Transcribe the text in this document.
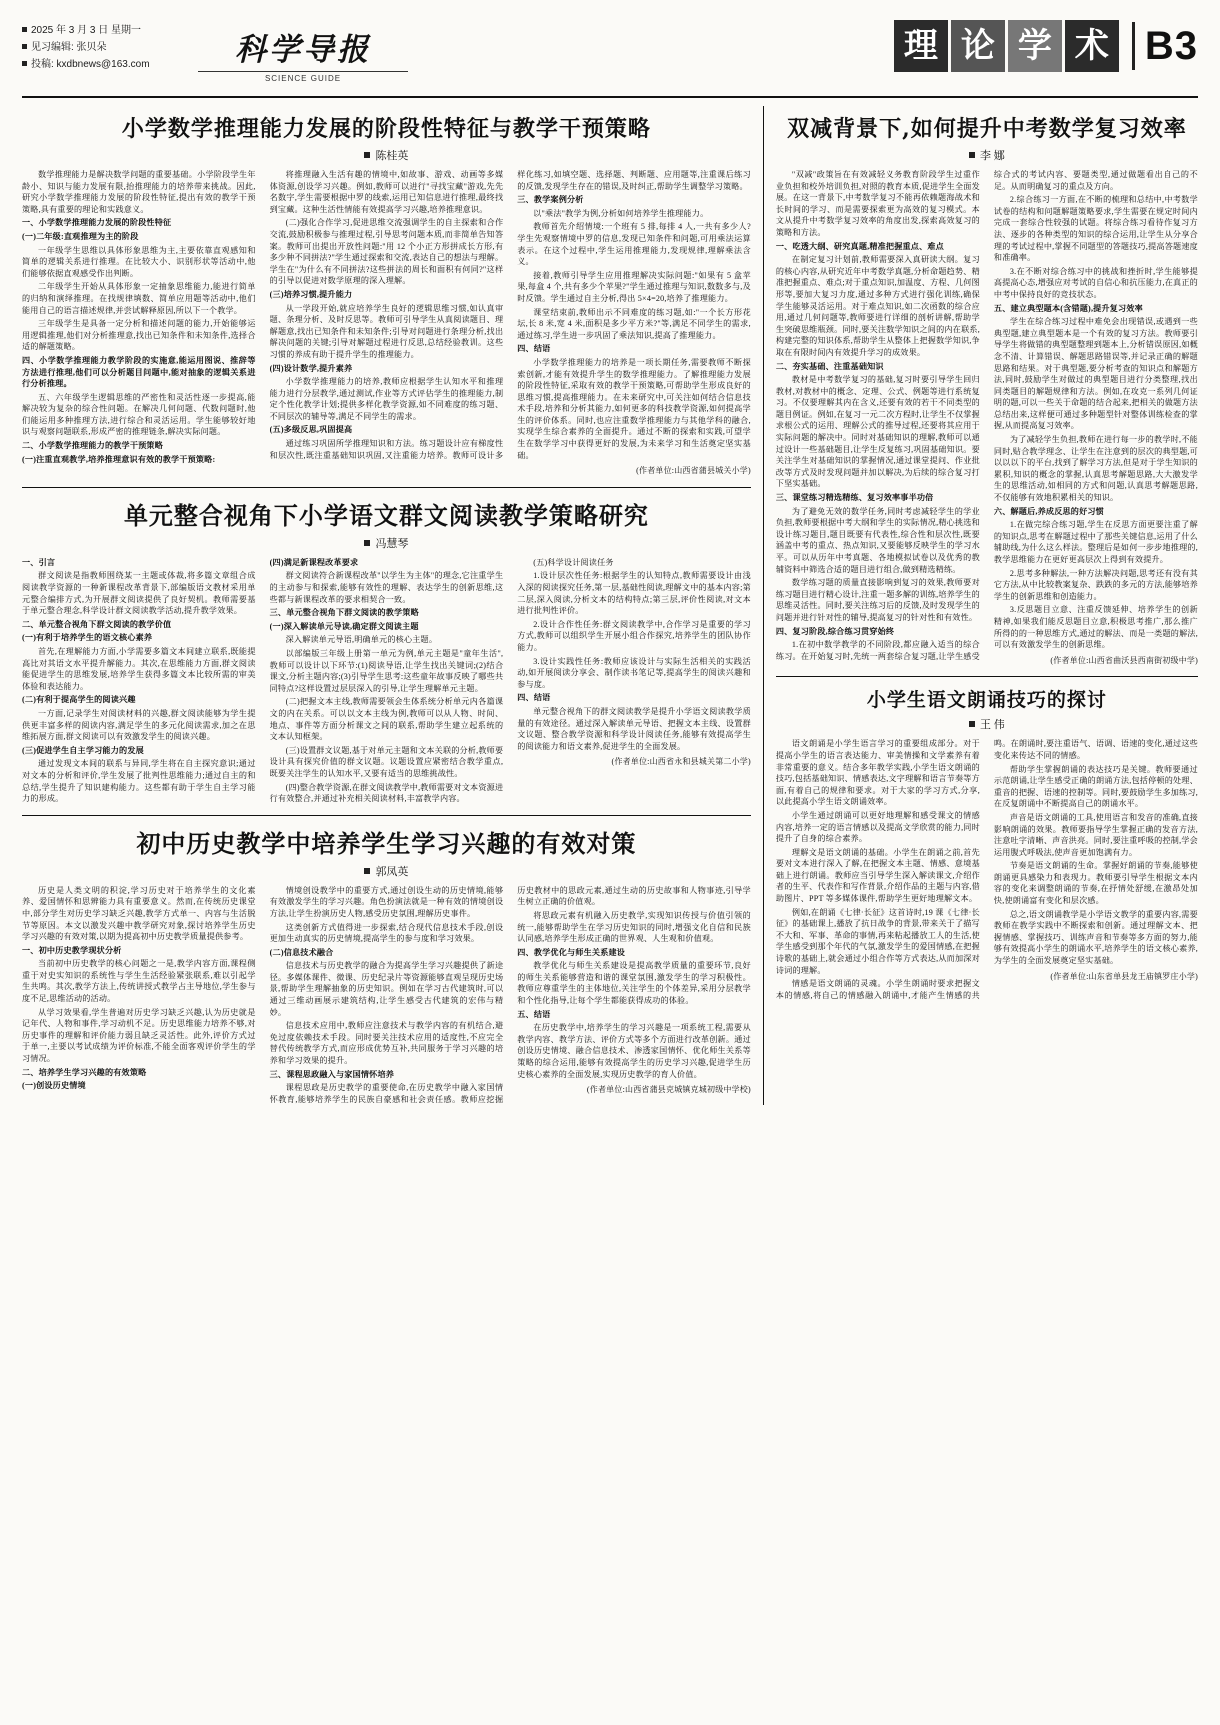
2025 年 3 月 3 日 星期一
见习编辑: 张贝朵
投稿: kxdbnews@163.com	科学导报
SCIENCE GUIDE
理 论 学 术 B3
小学数学推理能力发展的阶段性特征与教学干预策略
陈桂英

数学推理能力是解决数学问题的重要基础。小学阶段学生年龄小、知识与能力发展有限,抬推理能力的培养带来挑战。因此,研究小学数学推理能力发展的阶段性特征,提出有效的教学干预策略,具有重要的理论和实践意义。

一、小学数学推理能力发展的阶段性特征

(一)二年级:直观推理为主的阶段

一年级学生思维以具体形象思维为主,主要依靠直观感知和简单的逻辑关系进行推理。在比较大小、识别形状等活动中,他们能够依据直观感受作出判断。

二年级学生开始从具体形象一定抽象思维能力,能进行简单的归纳和演绎推理。在找规律填数、简单应用题等活动中,他们能用自己的语言描述规律,并尝试解释原因,所以下一个教学。

三年级学生是具备一定分析和描述问题的能力,开始能够运用逻辑推理,他们对分析推理意,找出已知条件和未知条件,选择合适的解题策略。

四、小学数学推理能力教学阶段的实施意,能运用图说、推辞等方法进行推理,他们可以分析题目问题中,能对抽象的逻辑关系进行分析推理。

五、六年级学生逻辑思维的严密性和灵活性逐一步提高,能解决较为复杂的综合性问题。在解决几何问题、代数问题时,他们能运用多种推理方法,进行综合和灵活运用。学生能够较好地识与观察问题联系,形成严密的推理链条,解决实际问题。

二、小学数学推理能力的教学干预策略

(一)注重直观教学,培养推理意识有效的教学干预策略:

将推理融入生活有趣的情境中,如故事、游戏、动画等多媒体资源,创设学习兴趣。例如,教师可以进行"寻找宝藏"游戏,先先名数字,学生需要根据中罗的线索,运用已知信息进行推理,最终找到宝藏。这种生活性情能有效提高学习兴趣,培养推理意识。

(二)强化合作学习,促进思维交流强调学生的自主探索和合作交流,鼓励积极参与推理过程,引导思考问题本质,而非简单告知答案。教师可出提出开放性问题:"用 12 个小正方形拼成长方形,有多少种不同拼法?"学生通过探索和交流,表达自己的想法与理解。学生在"为什么有不同拼法?这些拼法的周长和面积有何同?"这样的引导以促进对数学原理的深入理解。

(三)培养习惯,提升能力

从一学段开始,就应培养学生良好的逻辑思维习惯,如认真审题、条理分析、及时反思等。教师可引导学生从真阅读题目、理解题意,找出已知条件和未知条件;引导对问题进行条理分析,找出解决问题的关键;引导对解题过程进行反思,总结经验教训。这些习惯的养成有助于提升学生的推理能力。

(四)设计数学,提升素养

小学数学推理能力的培养,教师应根据学生认知水平和推理能力进行分层教学,通过测试,作业等方式评估学生的推理能力,制定个性化教学计划;提供多样化教学资源,如不同难度的练习题、不同层次的辅导等,满足不同学生的需求。

(五)多级反思,巩固提高

通过练习巩固所学推理知识和方法。练习题设计应有梯度性和层次性,既注重基础知识巩固,又注重能力培养。教师可设计多样化练习,如填空题、选择题、判断题、应用题等,注重课后练习的反馈,发现学生存在的错误,及时纠正,帮助学生调整学习策略。

三、教学案例分析

以"乘法"教学为例,分析如何培养学生推理能力。

教师首先介绍情境:一个班有 5 排,每排 4 人,一共有多少人?学生先观察情境中罗的信息,发现已知条件和问题,可用乘法运算表示。在这个过程中,学生运用推理能力,发现规律,理解乘法含义。

接着,教师引导学生应用推理解决实际问题:"如果有 5 盒苹果,每盒 4 个,共有多少个苹果?"学生通过推理与知识,数数多与,及时反馈。学生通过自主分析,得出 5×4=20,培养了推理能力。

课堂结束前,教师出示不同难度的练习题,如:"一个长方形花坛,长 8 米,宽 4 米,面积是多少平方米?"等,满足不同学生的需求,通过练习,学生进一步巩固了乘法知识,提高了推理能力。

四、结语

小学数学推理能力的培养是一项长期任务,需要教师不断探索创新,才能有效提升学生的数学推理能力。了解推理能力发展的阶段性特征,采取有效的教学干预策略,可帮助学生形成良好的思维习惯,提高推理能力。在未来研究中,可关注如何结合信息技术手段,培养和分析其能力,如何更多的科技教学资源,如何提高学生的评价体系。同时,也应注重数学推理能力与其他学科的融合,实现学生综合素养的全面提升。通过不断的探索和实践,可望学生在数学学习中获得更好的发展,为未来学习和生活奠定坚实基础。

(作者单位:山西省蒲县城关小学)

单元整合视角下小学语文群文阅读教学策略研究
冯慧琴

一、引言

群文阅读是指教师围绕某一主题或体裁,将多篇文章组合成阅读教学资源的一种新课程改革背景下,部编版语文教材采用单元整合编排方式,为开展群文阅读提供了良好契机。教师需要基于单元整合理念,科学设计群文阅读教学活动,提升教学效果。

二、单元整合视角下群文阅读的教学价值

(一)有利于培养学生的语文核心素养

首先,在理解能力方面,小学需要多篇文本间建立联系,既能提高比对其语文水平提升解能力。其次,在思维能力方面,群文阅读能促进学生的思维发展,培养学生获得多篇文本比较所需的审美体验和表达能力。

(二)有利于提高学生的阅读兴趣

一方面,记录学生对阅读材料的兴趣,群文阅读能够为学生提供更丰富多样的阅读内容,满足学生的多元化阅读需求,加之在思维拓展方面,群文阅读可以有效激发学生的阅读兴趣。

(三)促进学生自主学习能力的发展

通过发现文本间的联系与异同,学生将在自主探究意识;通过对文本的分析和评价,学生发展了批判性思维能力;通过自主的和总结,学生提升了知识建构能力。这些都有助于学生自主学习能力的形成。

(四)满足新课程改革要求

群文阅读符合新课程改革"以学生为主体"的理念,它注重学生的主动参与和探索,能够有效性的理解、表达学生的创新思维,这些都与新课程改革的要求相契合一致。

三、单元整合视角下群文阅读的教学策略

(一)深入解读单元导读,确定群文阅读主题

深入解读单元导语,明确单元的核心主题。

以部编版三年级上册第一单元为例,单元主题是"童年生活",教师可以设计以下环节:(1)阅读导语,让学生找出关键词;(2)结合课文,分析主题内容;(3)引导学生思考:这些童年故事反映了哪些共同特点?这样设置过层层深入的引导,让学生理解单元主题。

(二)把握文本主线,教师需要领会生体系统分析单元内各篇课文的内在关系。可以以文本主线为例,教师可以从人物、时间、地点、事件等方面分析课文之间的联系,帮助学生建立起系统的文本认知框架。

(三)设置群文议题,基于对单元主题和文本关联的分析,教师要设计具有探究价值的群文议题。议题设置应紧密结合教学重点,既要关注学生的认知水平,又要有适当的思维挑战性。

(四)整合教学资源,在群文阅读教学中,教师需要对文本资源进行有效整合,并通过补充相关阅读材料,丰富教学内容。

(五)科学设计阅读任务

1.设计层次性任务:根据学生的认知特点,教师需要设计由浅入深的阅读探究任务,第一层,基础性阅读,理解文中的基本内容;第二层,深入阅读,分析文本的结构特点;第三层,评价性阅读,对文本进行批判性评价。

2.设计合作性任务:群文阅读教学中,合作学习是重要的学习方式,教师可以组织学生开展小组合作探究,培养学生的团队协作能力。

3.设计实践性任务:教师应该设计与实际生活相关的实践活动,如开展阅读分享会、制作读书笔记等,提高学生的阅读兴趣和参与度。

四、结语

单元整合视角下的群文阅读教学是提升小学语文阅读教学质量的有效途径。通过深入解读单元导语、把握文本主线、设置群文议题、整合教学资源和科学设计阅读任务,能够有效提高学生的阅读能力和语文素养,促进学生的全面发展。

(作者单位:山西省永和县城关第二小学)

初中历史教学中培养学生学习兴趣的有效对策
郭凤英

历史是人类文明的积淀,学习历史对于培养学生的文化素养、爱国情怀和思辨能力具有重要意义。然而,在传统历史课堂中,部分学生对历史学习缺乏兴趣,教学方式单一、内容与生活脱节等原因。本文以激发兴趣中教学研究对象,探讨培养学生历史学习兴趣的有效对策,以期为提高初中历史教学质量提供参考。

一、初中历史教学现状分析

当前初中历史教学的核心问题之一是,教学内容方面,课程侧重于对史实知识的系统性与学生生活经验紧张联系,难以引起学生共鸣。其次,教学方法上,传统讲授式教学占主导地位,学生参与度不足,思维活动的活动。

从学习效果看,学生普遍对历史学习缺乏兴趣,认为历史就是记年代、人物和事件,学习动机不足。历史思维能力培养不够,对历史事件的理解和评价能力弱且缺乏灵活性。此外,评价方式过于单一,主要以考试成绩为评价标准,不能全面客观评价学生的学习情况。

二、培养学生学习兴趣的有效策略

(一)创设历史情境

情境创设教学中的重要方式,通过创设生动的历史情境,能够有效激发学生的学习兴趣。角色扮演法就是一种有效的情境创设方法,让学生扮演历史人物,感受历史氛围,理解历史事件。

这类创新方式值得进一步探索,结合现代信息技术手段,创设更加生动真实的历史情境,提高学生的参与度和学习效果。

(二)信息技术融合

信息技术与历史教学的融合为提高学生学习兴趣提供了新途径。多媒体课件、微课、历史纪录片等资源能够直观呈现历史场景,帮助学生理解抽象的历史知识。例如在学习古代建筑时,可以通过三维动画展示建筑结构,让学生感受古代建筑的宏伟与精妙。

信息技术应用中,教师应注意技术与教学内容的有机结合,避免过度依赖技术手段。同时要关注技术应用的适度性,不应完全替代传统教学方式,而应形成优势互补,共同服务于学习兴趣的培养和学习效果的提升。

三、课程思政融入与家国情怀培养

课程思政是历史教学的重要使命,在历史教学中融入家国情怀教育,能够培养学生的民族自豪感和社会责任感。教师应挖掘历史教材中的思政元素,通过生动的历史故事和人物事迹,引导学生树立正确的价值观。

将思政元素有机融入历史教学,实现知识传授与价值引领的统一,能够帮助学生在学习历史知识的同时,增强文化自信和民族认同感,培养学生形成正确的世界观、人生观和价值观。

四、教学优化与师生关系建设

教学优化与师生关系建设是提高教学质量的重要环节,良好的师生关系能够营造和谐的课堂氛围,激发学生的学习积极性。教师应尊重学生的主体地位,关注学生的个体差异,采用分层教学和个性化指导,让每个学生都能获得成功的体验。

五、结语

在历史教学中,培养学生的学习兴趣是一项系统工程,需要从教学内容、教学方法、评价方式等多个方面进行改革创新。通过创设历史情境、融合信息技术、渗透家国情怀、优化师生关系等策略的综合运用,能够有效提高学生的历史学习兴趣,促进学生历史核心素养的全面发展,实现历史教学的育人价值。

(作者单位:山西省蒲县克城镇克城初级中学校)

双减背景下,如何提升中考数学复习效率
李 娜

"双减"政策旨在有效减轻义务教育阶段学生过重作业负担和校外培训负担,对照的教育本质,促进学生全面发展。在这一背景下,中考数学复习不能再依赖题海战术和长时间的学习、而是需要探索更为高效的复习模式。本文从提升中考数学复习效率的角度出发,探索高效复习的策略和方法。

一、吃透大纲、研究真题,精准把握重点、难点

在制定复习计划前,教师需要深入真研读大纲。复习的核心内容,从研究近年中考数学真题,分析命题趋势、精准把握重点、难点;对于重点知识,加温度、方程、几何图形等,要加大复习力度,通过多种方式进行强化训练,确保学生能够灵活运用。对于难点知识,如二次函数的综合应用,通过几何问题等,教师要进行详细的剖析讲解,帮助学生突破思维瓶颈。同时,要关注数学知识之间的内在联系,构建完整的知识体系,帮助学生从整体上把握数学知识,争取在有限时间内有效提升学习的成效果。

二、夯实基础、注重基础知识

教材是中考数学复习的基础,复习时要引导学生回归教材,对教材中的概念、定理、公式、例题等进行系统复习。不仅要理解其内在含义,还要有效的若干不同类型的题目例证。例如,在复习一元二次方程时,让学生不仅掌握求根公式的运用、理解公式的推导过程,还要将其应用于实际问题的解决中。同时对基础知识的理解,教师可以通过设计一些基础题目,让学生反复练习,巩固基础知识。要关注学生对基础知识的掌握情况,通过课堂提问、作业批改等方式及时发现问题并加以解决,为后续的综合复习打下坚实基础。

三、课堂练习精选精练、复习效率事半功倍

为了避免无效的数学任务,同时考虑减轻学生的学业负担,教师要根据中考大纲和学生的实际情况,精心挑选和设计练习题目,题目既要有代表性,综合性和层次性,既要涵盖中考的重点、热点知识,又要能够反映学生的学习水平。可以从历年中考真题、各地模拟试卷以及优秀的教辅资料中筛选合适的题目进行组合,做到精选精练。

数学练习题的质量直接影响到复习的效果,教师要对练习题目进行精心设计,注重一题多解的训练,培养学生的思维灵活性。同时,要关注练习后的反馈,及时发现学生的问题并进行针对性的辅导,提高复习的针对性和有效性。

四、复习阶段,综合练习贯穿始终

1.在初中数学教学的不同阶段,都应融入适当的综合练习。在开始复习时,先统一两套综合复习题,让学生感受综合式的考试内容、要题类型,通过做题看出自己的不足。从而明确复习的重点及方向。

2.综合练习一方面,在不断的梳理和总结中,中考数学试卷的结构和问题解题策略要求,学生需要在规定时间内完成一套综合性较强的试题。将综合练习看待作复习方法、逐步的各种类型的知识的综合运用,让学生从分享合理的考试过程中,掌握不同题型的答题技巧,提高答题速度和准确率。

3.在不断对综合练习中的挑战和挫折时,学生能够提高提高心态,增强应对考试的自信心和抗压能力,在真正的中考中保持良好的竞技状态。

五、建立典型题本(含错题),提升复习效率

学生在综合练习过程中难免会出现错误,或遇到一些典型题,建立典型题本是一个有效的复习方法。教师要引导学生将做错的典型题整理到题本上,分析错误原因,如概念不清、计算错误、解题思路错误等,并记录正确的解题思路和结果。对于典型题,要分析考查的知识点和解题方法,同时,鼓励学生对做过的典型题目进行分类整理,找出同类题目的解题规律和方法。例如,在攻克一系列几何证明的题,可以一些关于命题的结合起来,把相关的做题方法总结出来,这样便可通过多种题型针对整体训练检查的掌握,从而提高复习效率。

为了减轻学生负担,教师在进行每一步的教学时,不能同时,贴合教学理念、让学生在注意到的层次的典型题,可以以以下的平台,找到了解学习方法,但是对于学生知识的累积,知识的概念的掌握,认真思考解题思路,大大激发学生的思维活动,如相同的方式和问题,认真思考解题思路,不仅能够有效地积累相关的知识。

六、解题后,养成反思的好习惯

1.在做完综合练习题,学生在反思方面更要注重了解的知识点,思考在解题过程中了那些关键信息,运用了什么辅助线,为什么这么样法。整理后是如何一步步地推理的,教学思维能力在更好更高层次上得到有效提升。

2.思考多种解法,一种方法解决问题,思考还有没有其它方法,从中比较教案复杂、跌跌的多元的方法,能够培养学生的创新思维和创造能力。

3.反思题目立意、注重反馈延伸、培养学生的创新精神,如果我们能反思题目立意,积极思考推广,那么推广所得的的一种思维方式,通过的解法、而是一类题的解法,可以有效激发学生的创新思维。

(作者单位:山西省曲沃县西南街初级中学)

小学生语文朗诵技巧的探讨
王 伟

语文朗诵是小学生语言学习的重要组成部分。对于提高小学生的语言表达能力、审美情操和文学素养有着非常重要的意义。结合多年教学实践,小学生语文朗诵的技巧,包括基础知识、情感表达,文字理解和语言节奏等方面,有着自己的规律和要求。对于大家的学习方式,分享,以此提高小学生语文朗诵效率。

小学生通过朗诵可以更好地理解和感受课文的情感内容,培养一定的语言情感以及提高文学欣赏的能力,同时提升了自身的综合素养。

理解文是语文朗诵的基础。小学生在朗诵之前,首先要对文本进行深入了解,在把握文本主题、情感、意境基础上进行朗诵。教师应当引导学生深入解读课文,介绍作者的生平、代表作和写作背景,介绍作品的主题与内容,借助图片、PPT 等多媒体课件,帮助学生更好地理解文本。

例如,在朗诵《七律·长征》这首诗时,19 课《七律·长征》的基础课上,播放了抗日战争的背景,带来关于了描写不大和、军事、革命的事情,再来粘起播放工人的生活,使学生感受到那个年代的气氛,激发学生的爱国情感,在把握诗歌的基础上,就会通过小组合作等方式表达,从而加深对诗词的理解。

情感是语文朗诵的灵魂。小学生朗诵时要求把握文本的情感,将自己的情感融入朗诵中,才能产生情感的共鸣。在朗诵时,要注重语气、语调、语速的变化,通过这些变化来传达不同的情感。

帮助学生掌握朗诵的表达技巧是关键。教师要通过示范朗诵,让学生感受正确的朗诵方法,包括停顿的处理、重音的把握、语速的控制等。同时,要鼓励学生多加练习,在反复朗诵中不断提高自己的朗诵水平。

声音是语文朗诵的工具,使用语言和发音的准确,直接影响朗诵的效果。教师要指导学生掌握正确的发音方法,注意吐字清晰、声音洪亮。同时,要注重呼吸的控制,学会运用腹式呼吸法,使声音更加饱满有力。

节奏是语文朗诵的生命。掌握好朗诵的节奏,能够使朗诵更具感染力和表现力。教师要引导学生根据文本内容的变化来调整朗诵的节奏,在抒情处舒缓,在激昂处加快,使朗诵富有变化和层次感。

总之,语文朗诵教学是小学语文教学的重要内容,需要教师在教学实践中不断探索和创新。通过理解文本、把握情感、掌握技巧、训练声音和节奏等多方面的努力,能够有效提高小学生的朗诵水平,培养学生的语文核心素养,为学生的全面发展奠定坚实基础。

(作者单位:山东省单县龙王庙镇罗庄小学)
